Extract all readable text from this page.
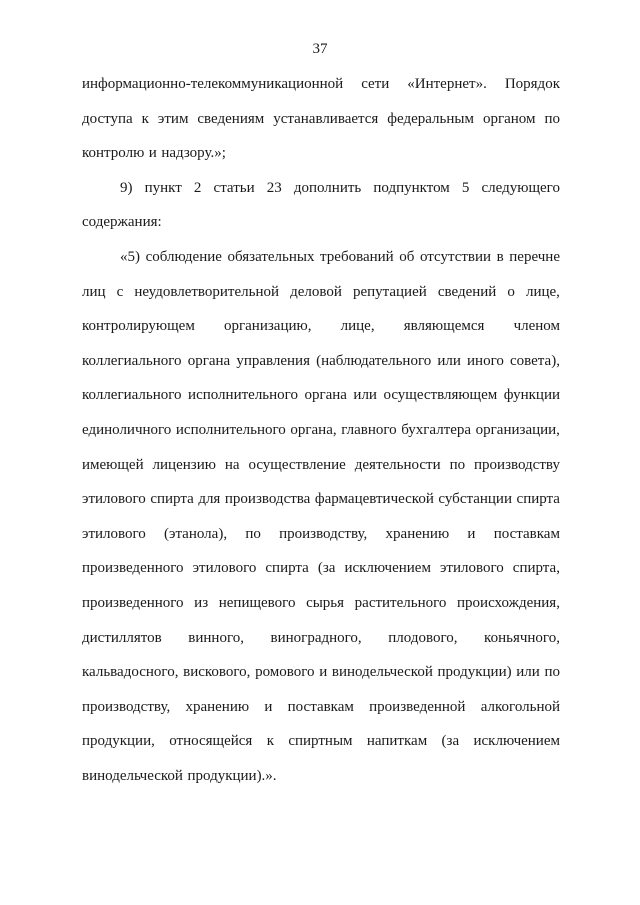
37
информационно-телекоммуникационной сети «Интернет». Порядок
доступа к этим сведениям устанавливается федеральным органом по
контролю и надзору.»;
9) пункт 2 статьи 23 дополнить подпунктом 5 следующего
содержания:
«5) соблюдение обязательных требований об отсутствии в перечне
лиц с неудовлетворительной деловой репутацией сведений о лице,
контролирующем организацию, лице, являющемся членом
коллегиального органа управления (наблюдательного или иного совета),
коллегиального исполнительного органа или осуществляющем функции
единоличного исполнительного органа, главного бухгалтера организации,
имеющей лицензию на осуществление деятельности по производству
этилового спирта для производства фармацевтической субстанции спирта
этилового (этанола), по производству, хранению и поставкам
произведенного этилового спирта (за исключением этилового спирта,
произведенного из непищевого сырья растительного происхождения,
дистиллятов винного, виноградного, плодового, коньячного,
кальвадосного, вискового, ромового и винодельческой продукции) или по
производству, хранению и поставкам произведенной алкогольной
продукции, относящейся к спиртным напиткам (за исключением
винодельческой продукции).».
